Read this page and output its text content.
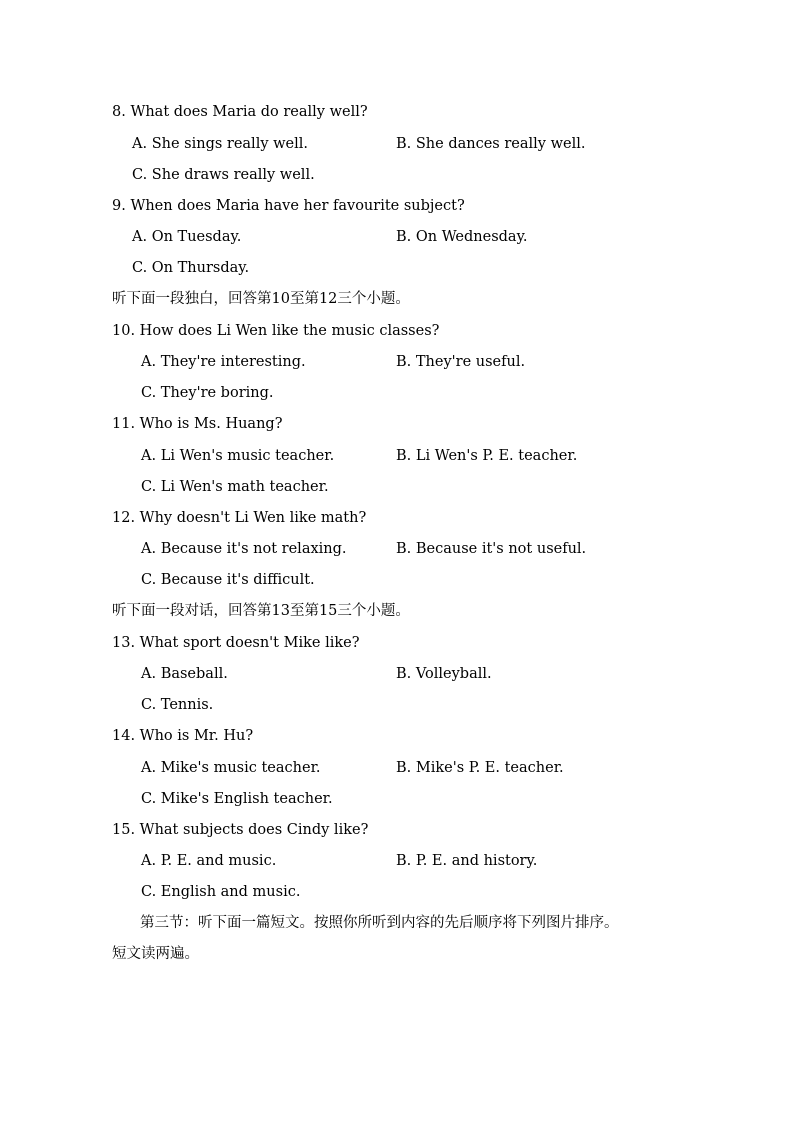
8. What does Maria do really well?
A. She sings really well.	B. She dances really well.
C. She draws really well.
9. When does Maria have her favourite subject?
A. On Tuesday.	B. On Wednesday.
C. On Thursday.
听下面一段独白，回答第10至第12三个小题。
10. How does Li Wen like the music classes?
A. They're interesting.	B. They're useful.
C. They're boring.
11. Who is Ms. Huang?
A. Li Wen's music teacher.	B. Li Wen's P. E. teacher.
C. Li Wen's math teacher.
12. Why doesn't Li Wen like math?
A. Because it's not relaxing.	B. Because it's not useful.
C. Because it's difficult.
听下面一段对话，回答第13至第15三个小题。
13. What sport doesn't Mike like?
A. Baseball.	B. Volleyball.
C. Tennis.
14. Who is Mr. Hu?
A. Mike's music teacher.	B. Mike's P. E. teacher.
C. Mike's English teacher.
15. What subjects does Cindy like?
A. P. E. and music.	B. P. E. and history.
C. English and music.
第三节：听下面一篇短文。按照你所听到内容的先后顺序将下列图片排序。
短文读两遍。
